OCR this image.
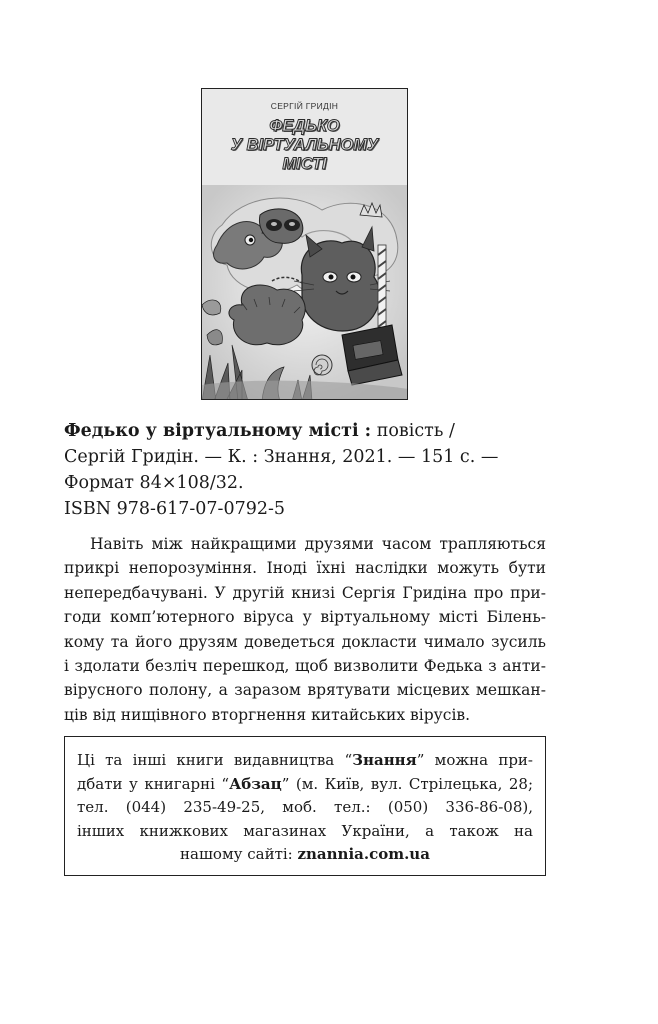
СЕРГІЙ ГРИДІН
ФЕДЬКО
У ВІРТУАЛЬНОМУ
МІСТІ
Федько у віртуальному місті : повість /
Сергій Гридін. — К. : Знання, 2021. — 151 с. —
Формат 84×108/32.
ISBN 978-617-07-0792-5
Навіть між найкращими друзями часом трапляються
прикрі непорозуміння. Іноді їхні наслідки можуть бути
непередбачувані. У другій книзі Сергія Гридіна про при-
годи комп’ютерного віруса у віртуальному місті Білень-
кому та його друзям доведеться докласти чимало зусиль
і здолати безліч перешкод, щоб визволити Федька з анти-
вірусного полону, а заразом врятувати місцевих мешкан-
ців від нищівного вторгнення китайських вірусів.
Ці та інші книги видавництва “Знання” можна при-
дбати у книгарні “Абзац” (м. Київ, вул. Стрілецька, 28;
тел. (044) 235-49-25, моб. тел.: (050) 336-86-08),
інших книжкових магазинах України, а також на
нашому сайті: znannia.com.ua
